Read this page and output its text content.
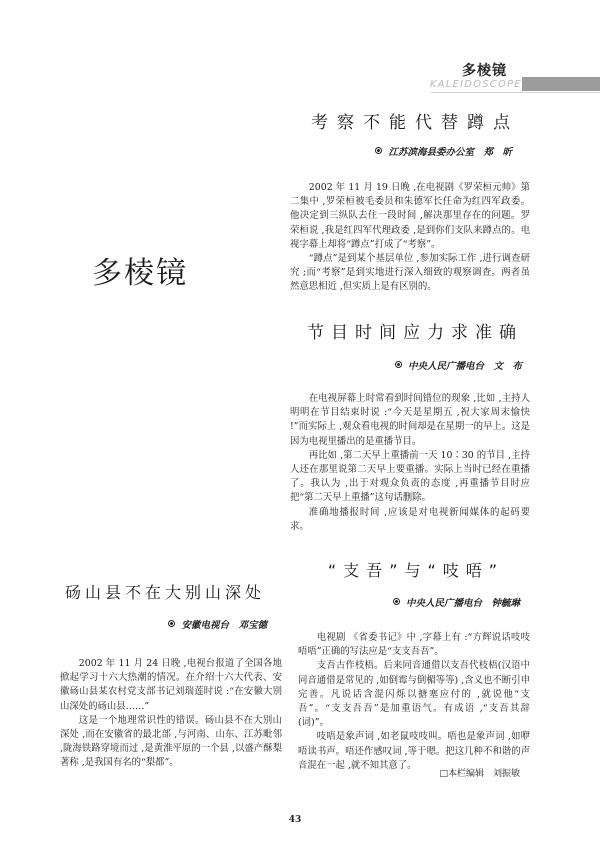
多棱镜
KALEIDOSCOPE
多棱镜
考察不能代替蹲点
江苏滨海县委办公室　郑　昕

2002 年 11 月 19 日晚 ,在电视剧《罗荣桓元帅》第二集中 ,罗荣桓被毛委员和朱德军长任命为红四军政委。他决定到三纵队去住一段时间 ,解决那里存在的问题。罗荣桓说 ,我是红四军代理政委 ,是到你们支队来蹲点的。电视字幕上却将“蹲点”打成了“考察”。

“蹲点”是到某个基层单位 ,参加实际工作 ,进行调查研究 ;而“考察”是到实地进行深入细致的观察调查。两者虽然意思相近 ,但实质上是有区别的。

节目时间应力求准确
中央人民广播电台　文　布

在电视屏幕上时常看到时间错位的现象 ,比如 ,主持人明明在节目结束时说 :“今天是星期五 ,祝大家周末愉快 !”而实际上 ,观众看电视的时间却是在星期一的早上。这是因为电视里播出的是重播节目。

再比如 ,第二天早上重播前一天 10∶30 的节目 ,主持人还在那里说第二天早上要重播。实际上当时已经在重播了。我认为 ,出于对观众负责的态度 ,再重播节目时应把“第二天早上重播”这句话删除。

准确地播报时间 ,应该是对电视新闻媒体的起码要求。

“支吾”与“吱唔”
中央人民广播电台　钟毓琳

电视剧 《省委书记》中 ,字幕上有 :“方辉说话吱吱唔唔”正确的写法应是“支支吾吾”。

支吾古作枝梧。后来同音通借以支吾代枝梧(汉语中同音通借是常见的 ,如倒霉与倒楣等等) ,含义也不断引申完善。凡说话含混闪烁以搪塞应付的 ,就说他“支吾”。“支支吾吾”是加重语气。有成语 ,“支吾其辞(词)”。

吱唔是象声词 ,如老鼠吱吱叫。唔也是象声词 ,如咿唔读书声。唔还作感叹词 ,等于嗯。把这几种不和谐的声音混在一起 ,就不知其意了。

□本栏编辑　刘振敏
砀山县不在大别山深处
安徽电视台　邓宝德

2002 年 11 月 24 日晚 ,电视台报道了全国各地掀起学习十六大热潮的情况。在介绍十六大代表、安徽砀山县某农村党支部书记刘瑞莲时说 :“在安徽大别山深处的砀山县……”

这是一个地理常识性的错误。砀山县不在大别山深处 ,而在安徽省的最北部 ,与河南、山东、江苏毗邻 ,陇海铁路穿境而过 ,是黄淮平原的一个县 ,以盛产酥梨著称 ,是我国有名的“梨都”。

43
